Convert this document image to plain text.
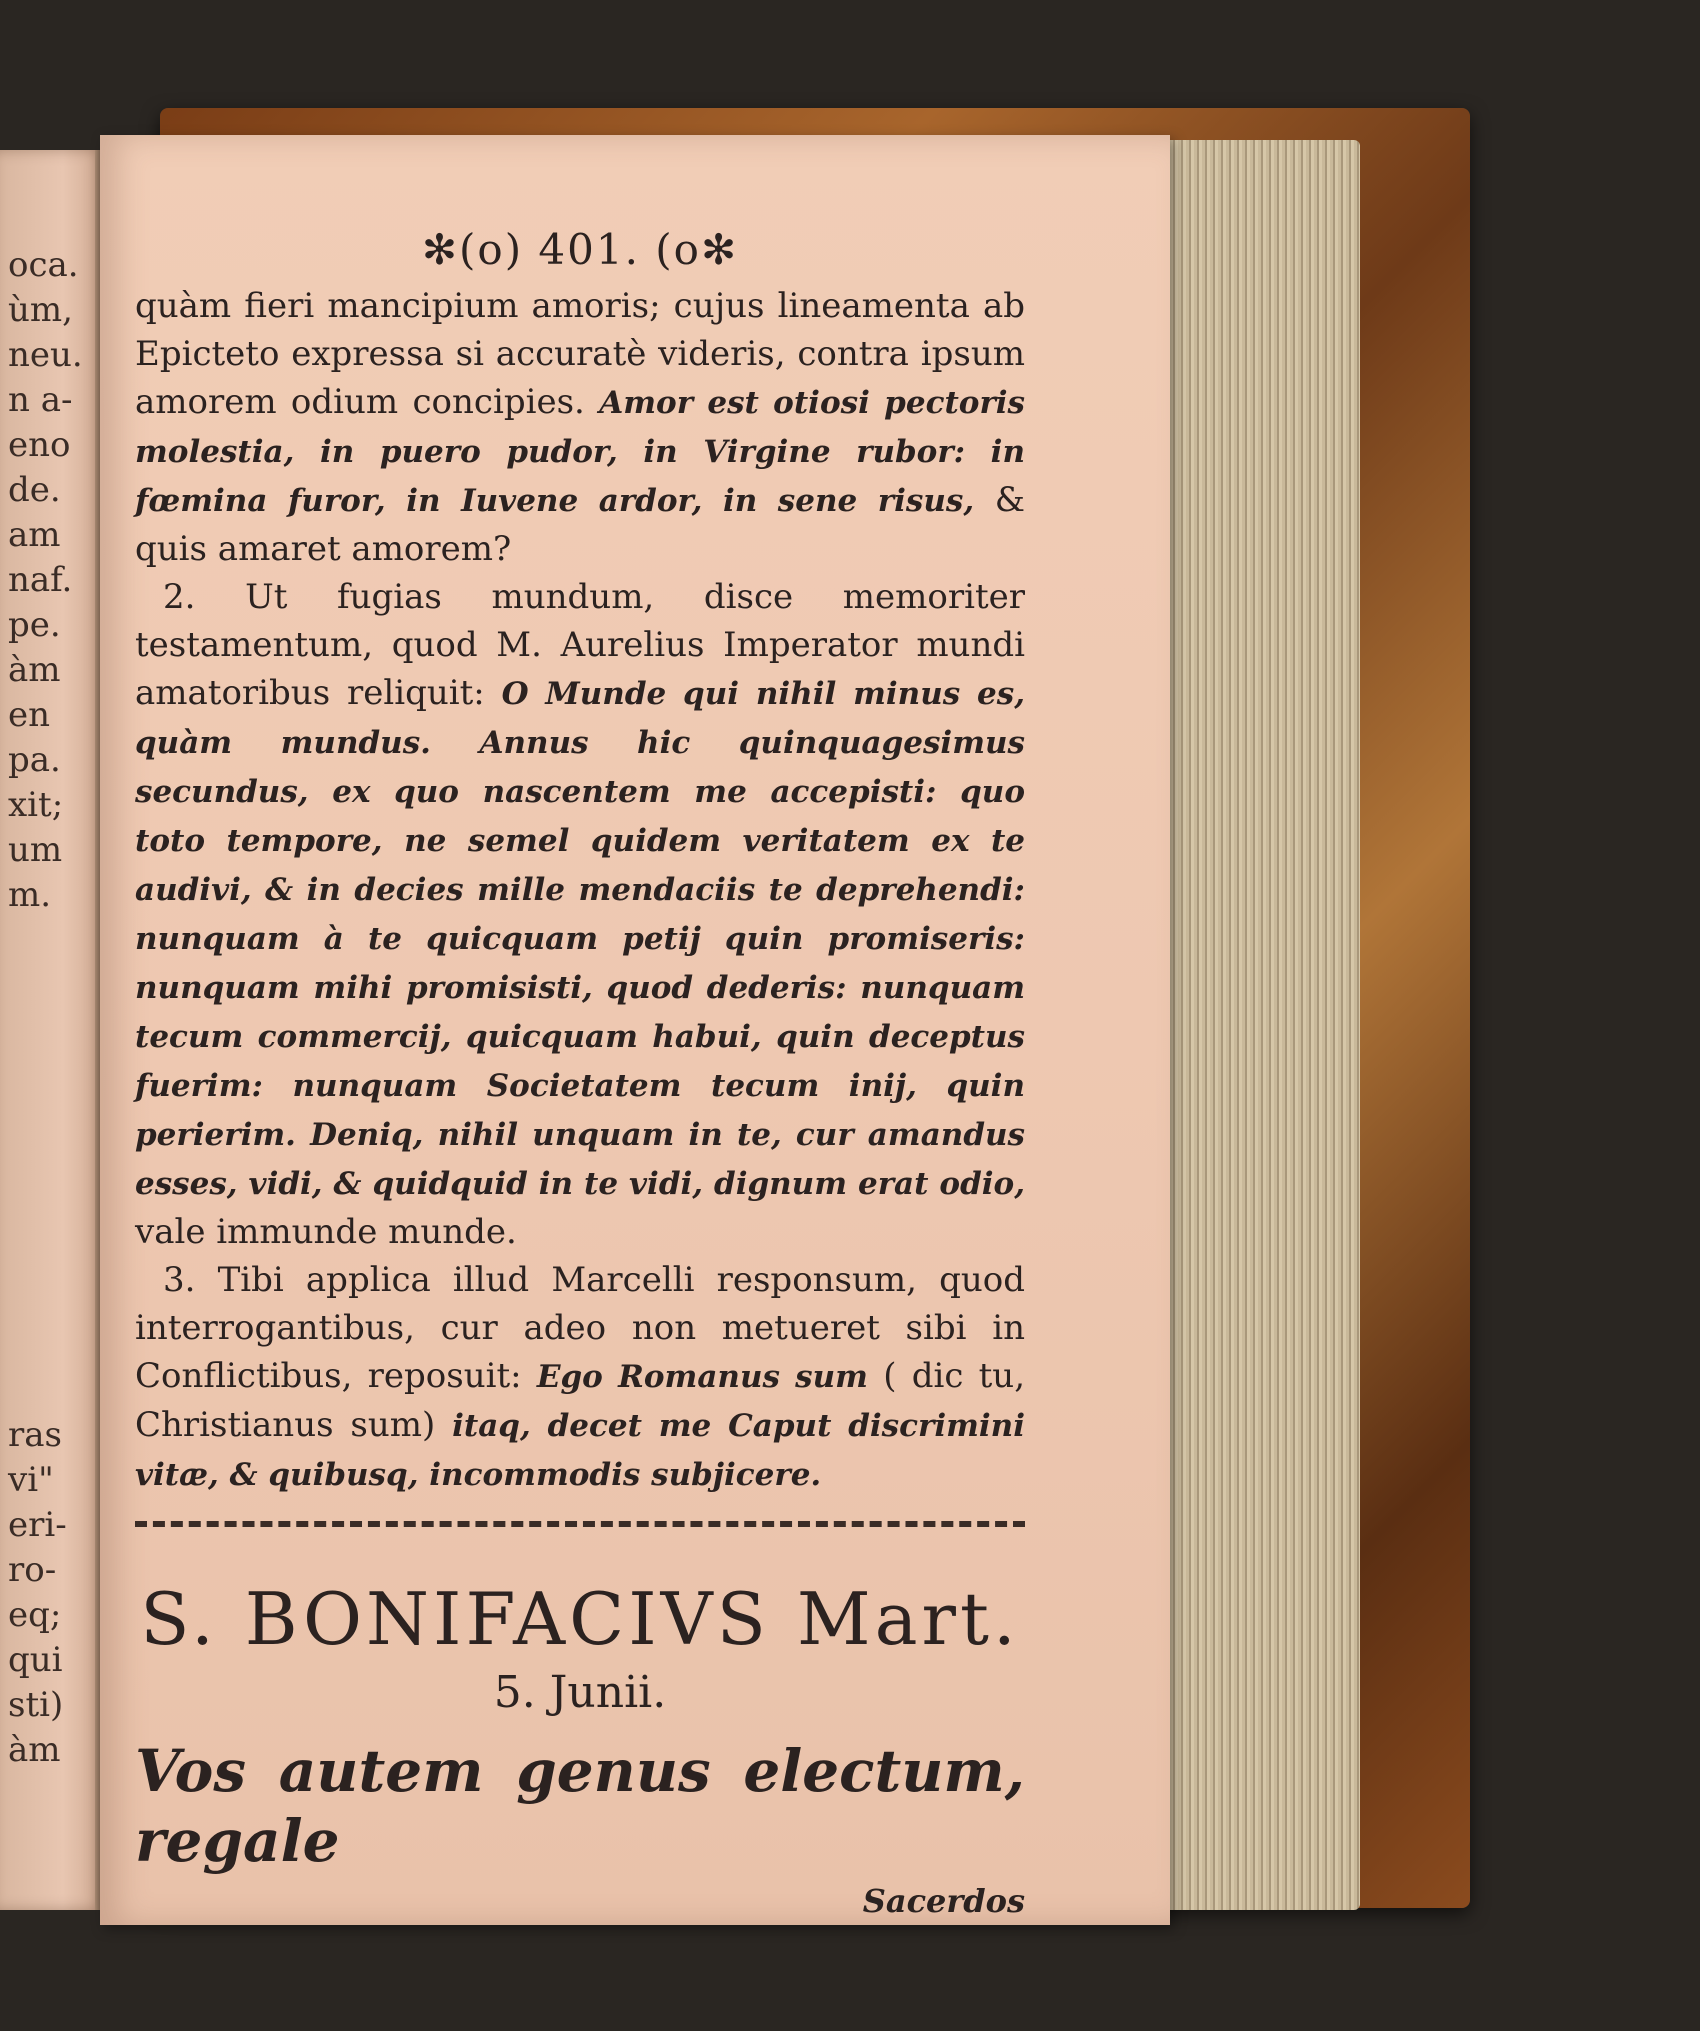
oca.
ùm,
neu.
n a-
eno
de.
am
naf.
pe.
àm
en
pa.
xit;
um
m.
ras
vi"
eri-
ro-
eq;
qui
sti)
àm
✻(o) 401. (o✻

quàm fieri mancipium amoris; cujus lineamenta ab Epicteto expressa si accuratè videris, contra ipsum amorem odium concipies. Amor est otiosi pectoris molestia, in puero pudor, in Virgine rubor: in fœmina furor, in Iuvene ardor, in sene risus, & quis amaret amorem?

2. Ut fugias mundum, disce memoriter testamentum, quod M. Aurelius Imperator mundi amatoribus reliquit: O Munde qui nihil minus es, quàm mundus. Annus hic quinquagesimus secundus, ex quo nascentem me accepisti: quo toto tempore, ne semel quidem veritatem ex te audivi, & in decies mille mendaciis te deprehendi: nunquam à te quicquam petij quin promiseris: nunquam mihi promisisti, quod dederis: nunquam tecum commercij, quicquam habui, quin deceptus fuerim: nunquam Societatem tecum inij, quin perierim. Deniq, nihil unquam in te, cur amandus esses, vidi, & quidquid in te vidi, dignum erat odio, vale immunde munde.

3. Tibi applica illud Marcelli responsum, quod interrogantibus, cur adeo non metueret sibi in Conflictibus, reposuit: Ego Romanus sum ( dic tu, Christianus sum) itaq, decet me Caput discrimini vitæ, & quibusq, incommodis subjicere.

S. BONIFACIVS Mart.

5. Junii.

Vos autem genus electum, regale

Sacerdos
